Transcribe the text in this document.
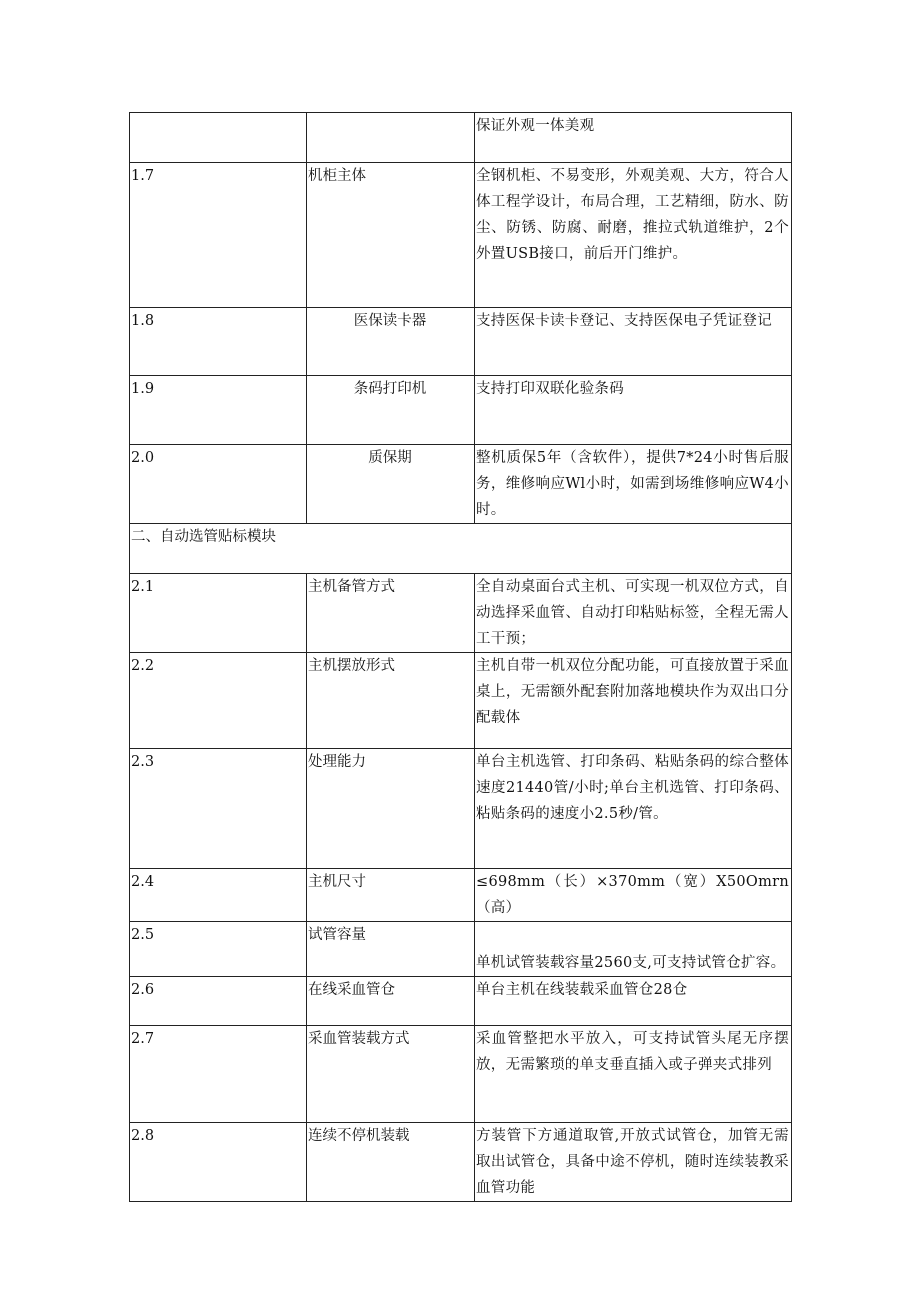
		保证外观一体美观
1.7	机柜主体	全钢机柜、不易变形，外观美观、大方，符合人体工程学设计，布局合理，工艺精细，防水、防尘、防锈、防腐、耐磨，推拉式轨道维护，2个外置USB接口，前后开门维护。
1.8	医保读卡器	支持医保卡读卡登记、支持医保电子凭证登记
1.9	条码打印机	支持打印双联化验条码
2.0	质保期	整机质保5年（含软件），提供7*24小时售后服务，维修响应Wl小时，如需到场维修响应W4小时。
二、自动选管贴标模块		
2.1	主机备管方式	全自动桌面台式主机、可实现一机双位方式，自动选择采血管、自动打印粘贴标签，全程无需人工干预；
2.2	主机摆放形式	主机自带一机双位分配功能，可直接放置于采血桌上，无需额外配套附加落地模块作为双出口分配载体
2.3	处理能力	单台主机选管、打印条码、粘贴条码的综合整体速度21440管/小时;单台主机选管、打印条码、粘贴条码的速度小2.5秒/管。
2.4	主机尺寸	≤698mm（长）×370mm（宽）X50Omrn（高）
2.5	试管容量	单机试管装载容量2560支,可支持试管仓扩容。
2.6	在线采血管仓	单台主机在线装载采血管仓28仓
2.7	采血管装载方式	采血管整把水平放入，可支持试管头尾无序摆放，无需繁琐的单支垂直插入或子弹夹式排列
2.8	连续不停机装载	方装管下方通道取管,开放式试管仓，加管无需取出试管仓，具备中途不停机，随时连续装教采血管功能
